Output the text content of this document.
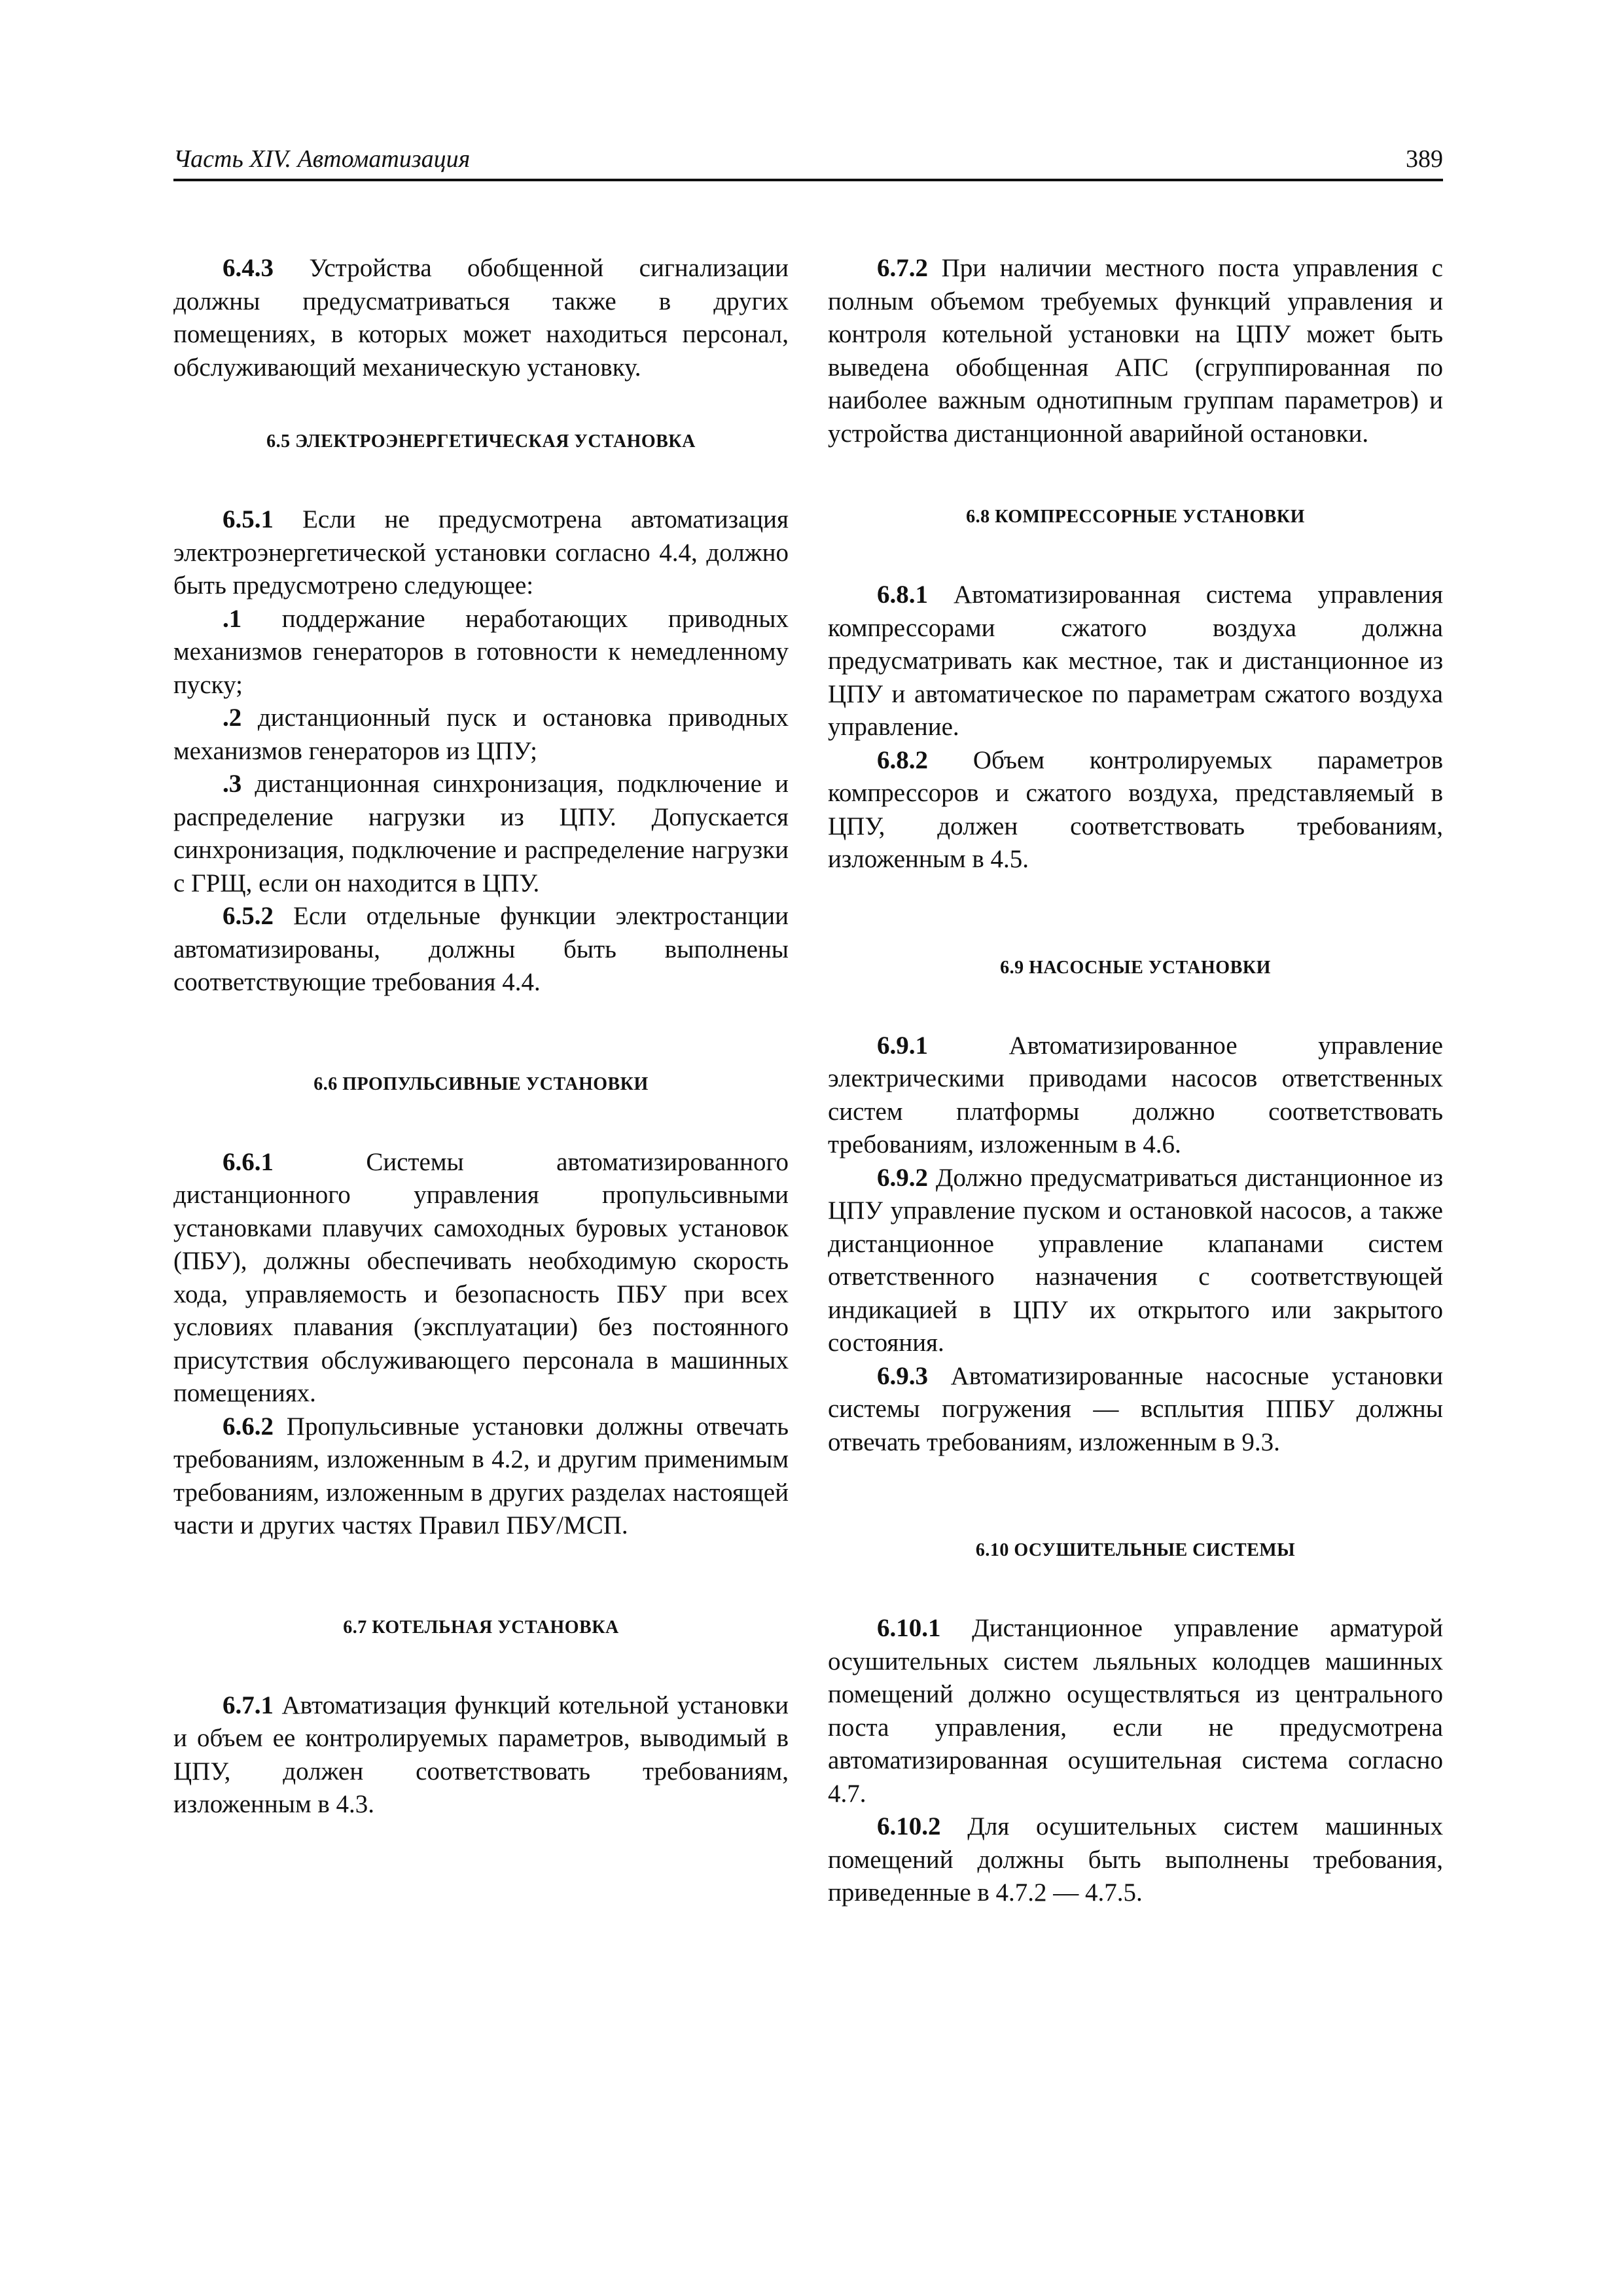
Часть XIV. Автоматизация	389

6.4.3 Устройства обобщенной сигнализации должны предусматриваться также в других помещениях, в которых может находиться персонал, обслуживающий механическую установку.

6.5 ЭЛЕКТРОЭНЕРГЕТИЧЕСКАЯ УСТАНОВКА

6.5.1 Если не предусмотрена автоматизация электроэнергетической установки согласно 4.4, должно быть предусмотрено следующее:

.1 поддержание неработающих приводных механизмов генераторов в готовности к немедленному пуску;

.2 дистанционный пуск и остановка приводных механизмов генераторов из ЦПУ;

.3 дистанционная синхронизация, подключение и распределение нагрузки из ЦПУ. Допускается синхронизация, подключение и распределение нагрузки с ГРЩ, если он находится в ЦПУ.

6.5.2 Если отдельные функции электростанции автоматизированы, должны быть выполнены соответствующие требования 4.4.

6.6 ПРОПУЛЬСИВНЫЕ УСТАНОВКИ

6.6.1 Системы автоматизированного дистанционного управления пропульсивными установками плавучих самоходных буровых установок (ПБУ), должны обеспечивать необходимую скорость хода, управляемость и безопасность ПБУ при всех условиях плавания (эксплуатации) без постоянного присутствия обслуживающего персонала в машинных помещениях.

6.6.2 Пропульсивные установки должны отвечать требованиям, изложенным в 4.2, и другим применимым требованиям, изложенным в других разделах настоящей части и других частях Правил ПБУ/МСП.

6.7 КОТЕЛЬНАЯ УСТАНОВКА

6.7.1 Автоматизация функций котельной установки и объем ее контролируемых параметров, выводимый в ЦПУ, должен соответствовать требованиям, изложенным в 4.3.

6.7.2 При наличии местного поста управления с полным объемом требуемых функций управления и контроля котельной установки на ЦПУ может быть выведена обобщенная АПС (сгруппированная по наиболее важным однотипным группам параметров) и устройства дистанционной аварийной остановки.

6.8 КОМПРЕССОРНЫЕ УСТАНОВКИ

6.8.1 Автоматизированная система управления компрессорами сжатого воздуха должна предусматривать как местное, так и дистанционное из ЦПУ и автоматическое по параметрам сжатого воздуха управление.

6.8.2 Объем контролируемых параметров компрессоров и сжатого воздуха, представляемый в ЦПУ, должен соответствовать требованиям, изложенным в 4.5.

6.9 НАСОСНЫЕ УСТАНОВКИ

6.9.1 Автоматизированное управление электрическими приводами насосов ответственных систем платформы должно соответствовать требованиям, изложенным в 4.6.

6.9.2 Должно предусматриваться дистанционное из ЦПУ управление пуском и остановкой насосов, а также дистанционное управление клапанами систем ответственного назначения с соответствующей индикацией в ЦПУ их открытого или закрытого состояния.

6.9.3 Автоматизированные насосные установки системы погружения — всплытия ППБУ должны отвечать требованиям, изложенным в 9.3.

6.10 ОСУШИТЕЛЬНЫЕ СИСТЕМЫ

6.10.1 Дистанционное управление арматурой осушительных систем льяльных колодцев машинных помещений должно осуществляться из центрального поста управления, если не предусмотрена автоматизированная осушительная система согласно 4.7.

6.10.2 Для осушительных систем машинных помещений должны быть выполнены требования, приведенные в 4.7.2 — 4.7.5.
